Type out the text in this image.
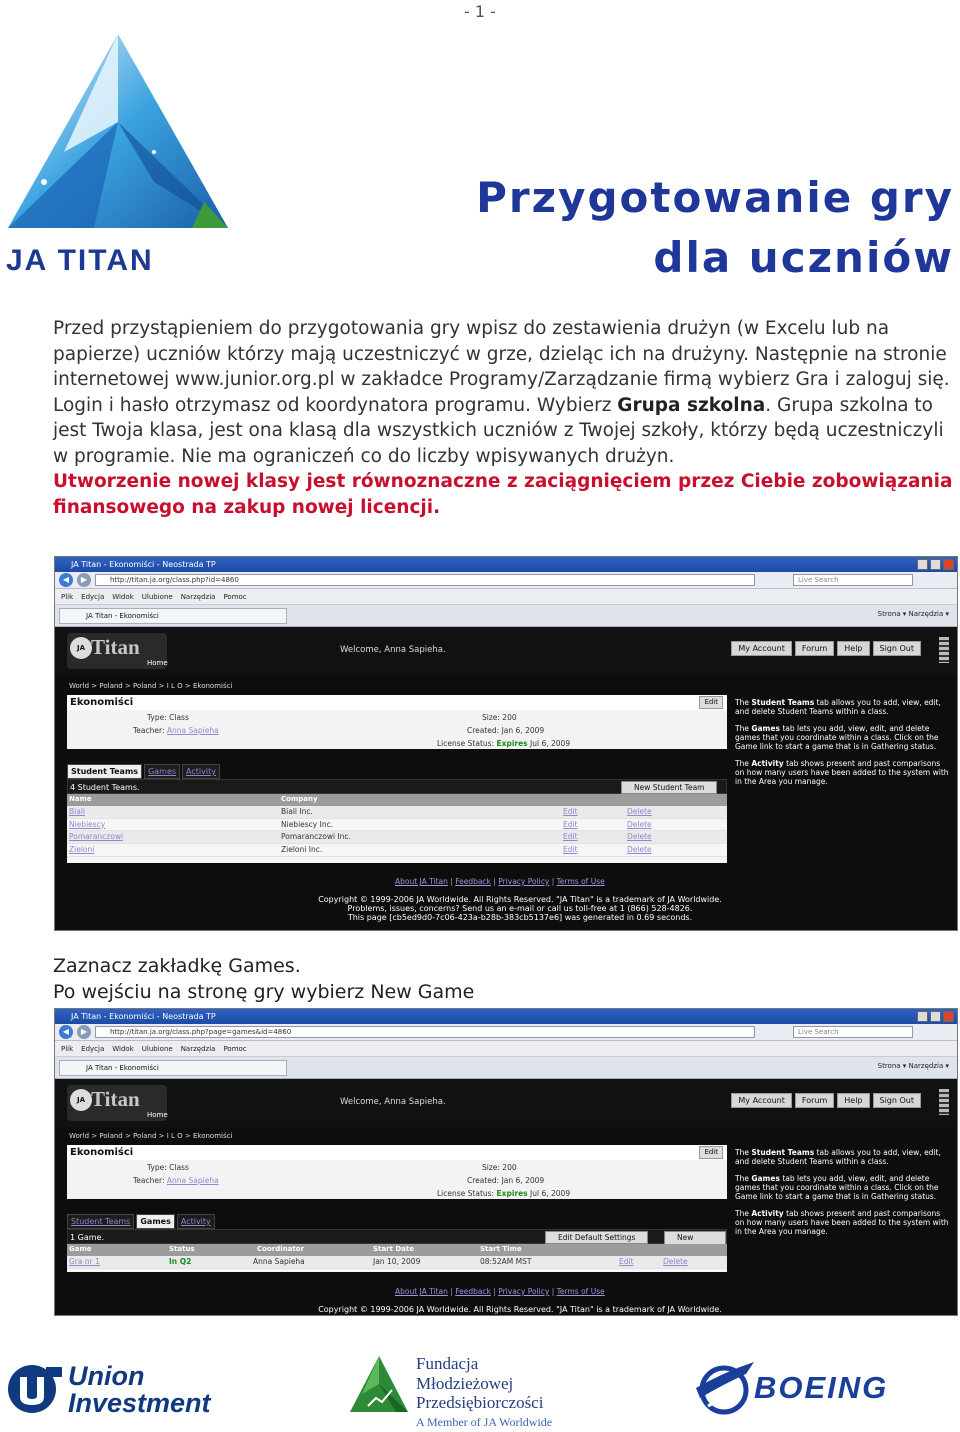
- 1 -
JA TITAN
Przygotowanie gry
dla uczniów
Przed przystąpieniem do przygotowania gry wpisz do zestawienia drużyn (w Excelu lub na papierze) uczniów którzy mają uczestniczyć w grze, dzieląc ich na drużyny. Następnie na stronie internetowej www.junior.org.pl w zakładce Programy/Zarządzanie firmą wybierz Gra i zaloguj się. Login i hasło otrzymasz od koordynatora programu. Wybierz Grupa szkolna. Grupa szkolna to jest Twoja klasa, jest ona klasą dla wszystkich uczniów z Twojej szkoły, którzy będą uczestniczyli w programie. Nie ma ograniczeń co do liczby wpisywanych drużyn.
Utworzenie nowej klasy jest równoznaczne z zaciągnięciem przez Ciebie zobowiązania finansowego na zakup nowej licencji.
JA Titan - Ekonomiści - Neostrada TP
◀	▶	http://titan.ja.org/class.php?id=4860	Live Search
Plik Edycja Widok Ulubione Narzędzia Pomoc
JA Titan - Ekonomiści	Strona ▾ Narzędzia ▾
JA Titan
Home
Welcome, Anna Sapieha.	My Account	Forum	Help	Sign Out
World > Poland > Poland > I L O > Ekonomiści
Ekonomiści	Edit
Type: Class
Teacher: Anna Sapieha
Size: 200
Created: Jan 6, 2009
License Status: Expires Jul 6, 2009

The Student Teams tab allows you to add, view, edit, and delete Student Teams within a class.

The Games tab lets you add, view, edit, and delete games that you coordinate within a class. Click on the Game link to start a game that is in Gathering status.

The Activity tab shows present and past comparisons on how many users have been added to the system with in the Area you manage.

Student Teams	Games	Activity
4 Student Teams.	New Student Team
Name	Company
Biali	Biali Inc.	Edit	Delete
Niebiescy	Niebiescy Inc.	Edit	Delete
Pomaranczowi	Pomaranczowi Inc.	Edit	Delete
Zieloni	Zieloni Inc.	Edit	Delete
About JA Titan | Feedback | Privacy Policy | Terms of Use
Copyright © 1999-2006 JA Worldwide. All Rights Reserved. "JA Titan" is a trademark of JA Worldwide.
Problems, issues, concerns? Send us an e-mail or call us toll-free at 1 (866) 528-4826.
This page [cb5ed9d0-7c06-423a-b28b-383cb5137e6] was generated in 0.69 seconds.
Zaznacz zakładkę Games.
Po wejściu na stronę gry wybierz New Game
JA Titan - Ekonomiści - Neostrada TP
◀	▶	http://titan.ja.org/class.php?page=games&id=4860	Live Search
Plik Edycja Widok Ulubione Narzędzia Pomoc
JA Titan - Ekonomiści	Strona ▾ Narzędzia ▾
JA Titan
Home
Welcome, Anna Sapieha.	My Account	Forum	Help	Sign Out
World > Poland > Poland > I L O > Ekonomiści
Ekonomiści	Edit
Type: Class
Teacher: Anna Sapieha
Size: 200
Created: Jan 6, 2009
License Status: Expires Jul 6, 2009

The Student Teams tab allows you to add, view, edit, and delete Student Teams within a class.

The Games tab lets you add, view, edit, and delete games that you coordinate within a class. Click on the Game link to start a game that is in Gathering status.

The Activity tab shows present and past comparisons on how many users have been added to the system with in the Area you manage.

Student Teams	Games	Activity
1 Game.	Edit Default Settings	New
Game	Status	Coordinator	Start Date	Start Time
Gra nr 1	In Q2	Anna Sapieha	Jan 10, 2009	08:52AM MST	Edit	Delete
About JA Titan | Feedback | Privacy Policy | Terms of Use
Copyright © 1999-2006 JA Worldwide. All Rights Reserved. "JA Titan" is a trademark of JA Worldwide.
Union
Investment
Fundacja
Młodzieżowej
Przedsiębiorczości
A Member of JA Worldwide
BOEING
